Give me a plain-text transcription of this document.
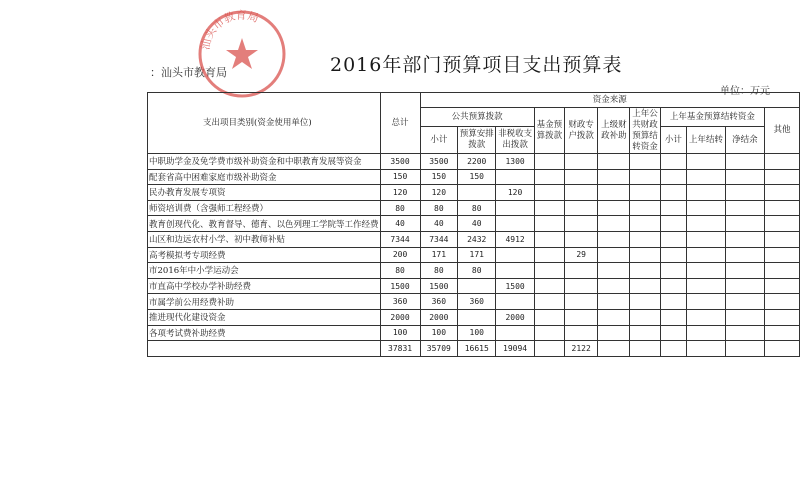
2016年部门预算项目支出预算表
：汕头市教育局
单位：万元
汕头市教育局
支出项目类别(资金使用单位)	总计	资金来源										
		公共预算拨款			基金预算拨款	财政专户拨款	上级财政补助	上年公共财政预算结转资金	上年基金预算结转资金			其他
		小计	预算安排拨款	非税收支出拨款					小计	上年结转	净结余	
中职助学金及免学费市级补助资金和中职教育发展等资金	3500	3500	2200	1300								
配套省高中困难家庭市级补助资金	150	150	150									
民办教育发展专项资	120	120		120								
师资培训费（含强师工程经费）	80	80	80									
教育创现代化、教育督导、德育、以色列理工学院等工作经费	40	40	40									
山区和边远农村小学、初中教师补贴	7344	7344	2432	4912								
高考模拟考专项经费	200	171	171			29						
市2016年中小学运动会	80	80	80									
市直高中学校办学补助经费	1500	1500		1500								
市属学前公用经费补助	360	360	360									
推进现代化建设资金	2000	2000		2000								
各项考试费补助经费	100	100	100									
	37831	35709	16615	19094		2122						
